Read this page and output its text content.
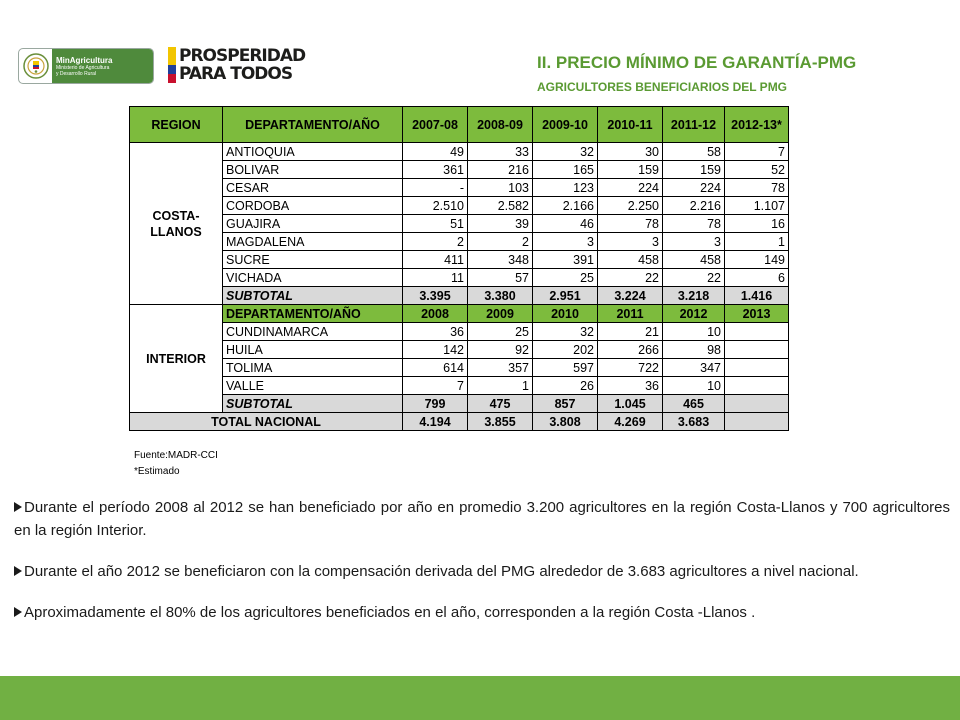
MinAgricultura
Ministerio de Agricultura
y Desarrollo Rural
PROSPERIDAD
PARA TODOS
II. PRECIO MÍNIMO DE GARANTÍA-PMG
AGRICULTORES BENEFICIARIOS DEL PMG
REGION	DEPARTAMENTO/AÑO	2007-08	2008-09	2009-10	2010-11	2011-12	2012-13*

COSTA-
LLANOS	ANTIOQUIA	49	33	32	30	58	7
	BOLIVAR	361	216	165	159	159	52
	CESAR	-	103	123	224	224	78
	CORDOBA	2.510	2.582	2.166	2.250	2.216	1.107
	GUAJIRA	51	39	46	78	78	16
	MAGDALENA	2	2	3	3	3	1
	SUCRE	411	348	391	458	458	149
	VICHADA	11	57	25	22	22	6
	SUBTOTAL	3.395	3.380	2.951	3.224	3.218	1.416
INTERIOR	DEPARTAMENTO/AÑO	2008	2009	2010	2011	2012	2013
	CUNDINAMARCA	36	25	32	21	10	
	HUILA	142	92	202	266	98	
	TOLIMA	614	357	597	722	347	
	VALLE	7	1	26	36	10	
	SUBTOTAL	799	475	857	1.045	465	
TOTAL NACIONAL		4.194	3.855	3.808	4.269	3.683	
Fuente:MADR-CCI
*Estimado
Durante el período 2008 al 2012 se han beneficiado por año en promedio 3.200 agricultores en la región Costa-Llanos y 700 agricultores en la región Interior.
Durante el año 2012 se beneficiaron con la compensación derivada del PMG alrededor de 3.683 agricultores a nivel nacional.
Aproximadamente el 80% de los agricultores beneficiados en el año, corresponden a la región Costa -Llanos .
